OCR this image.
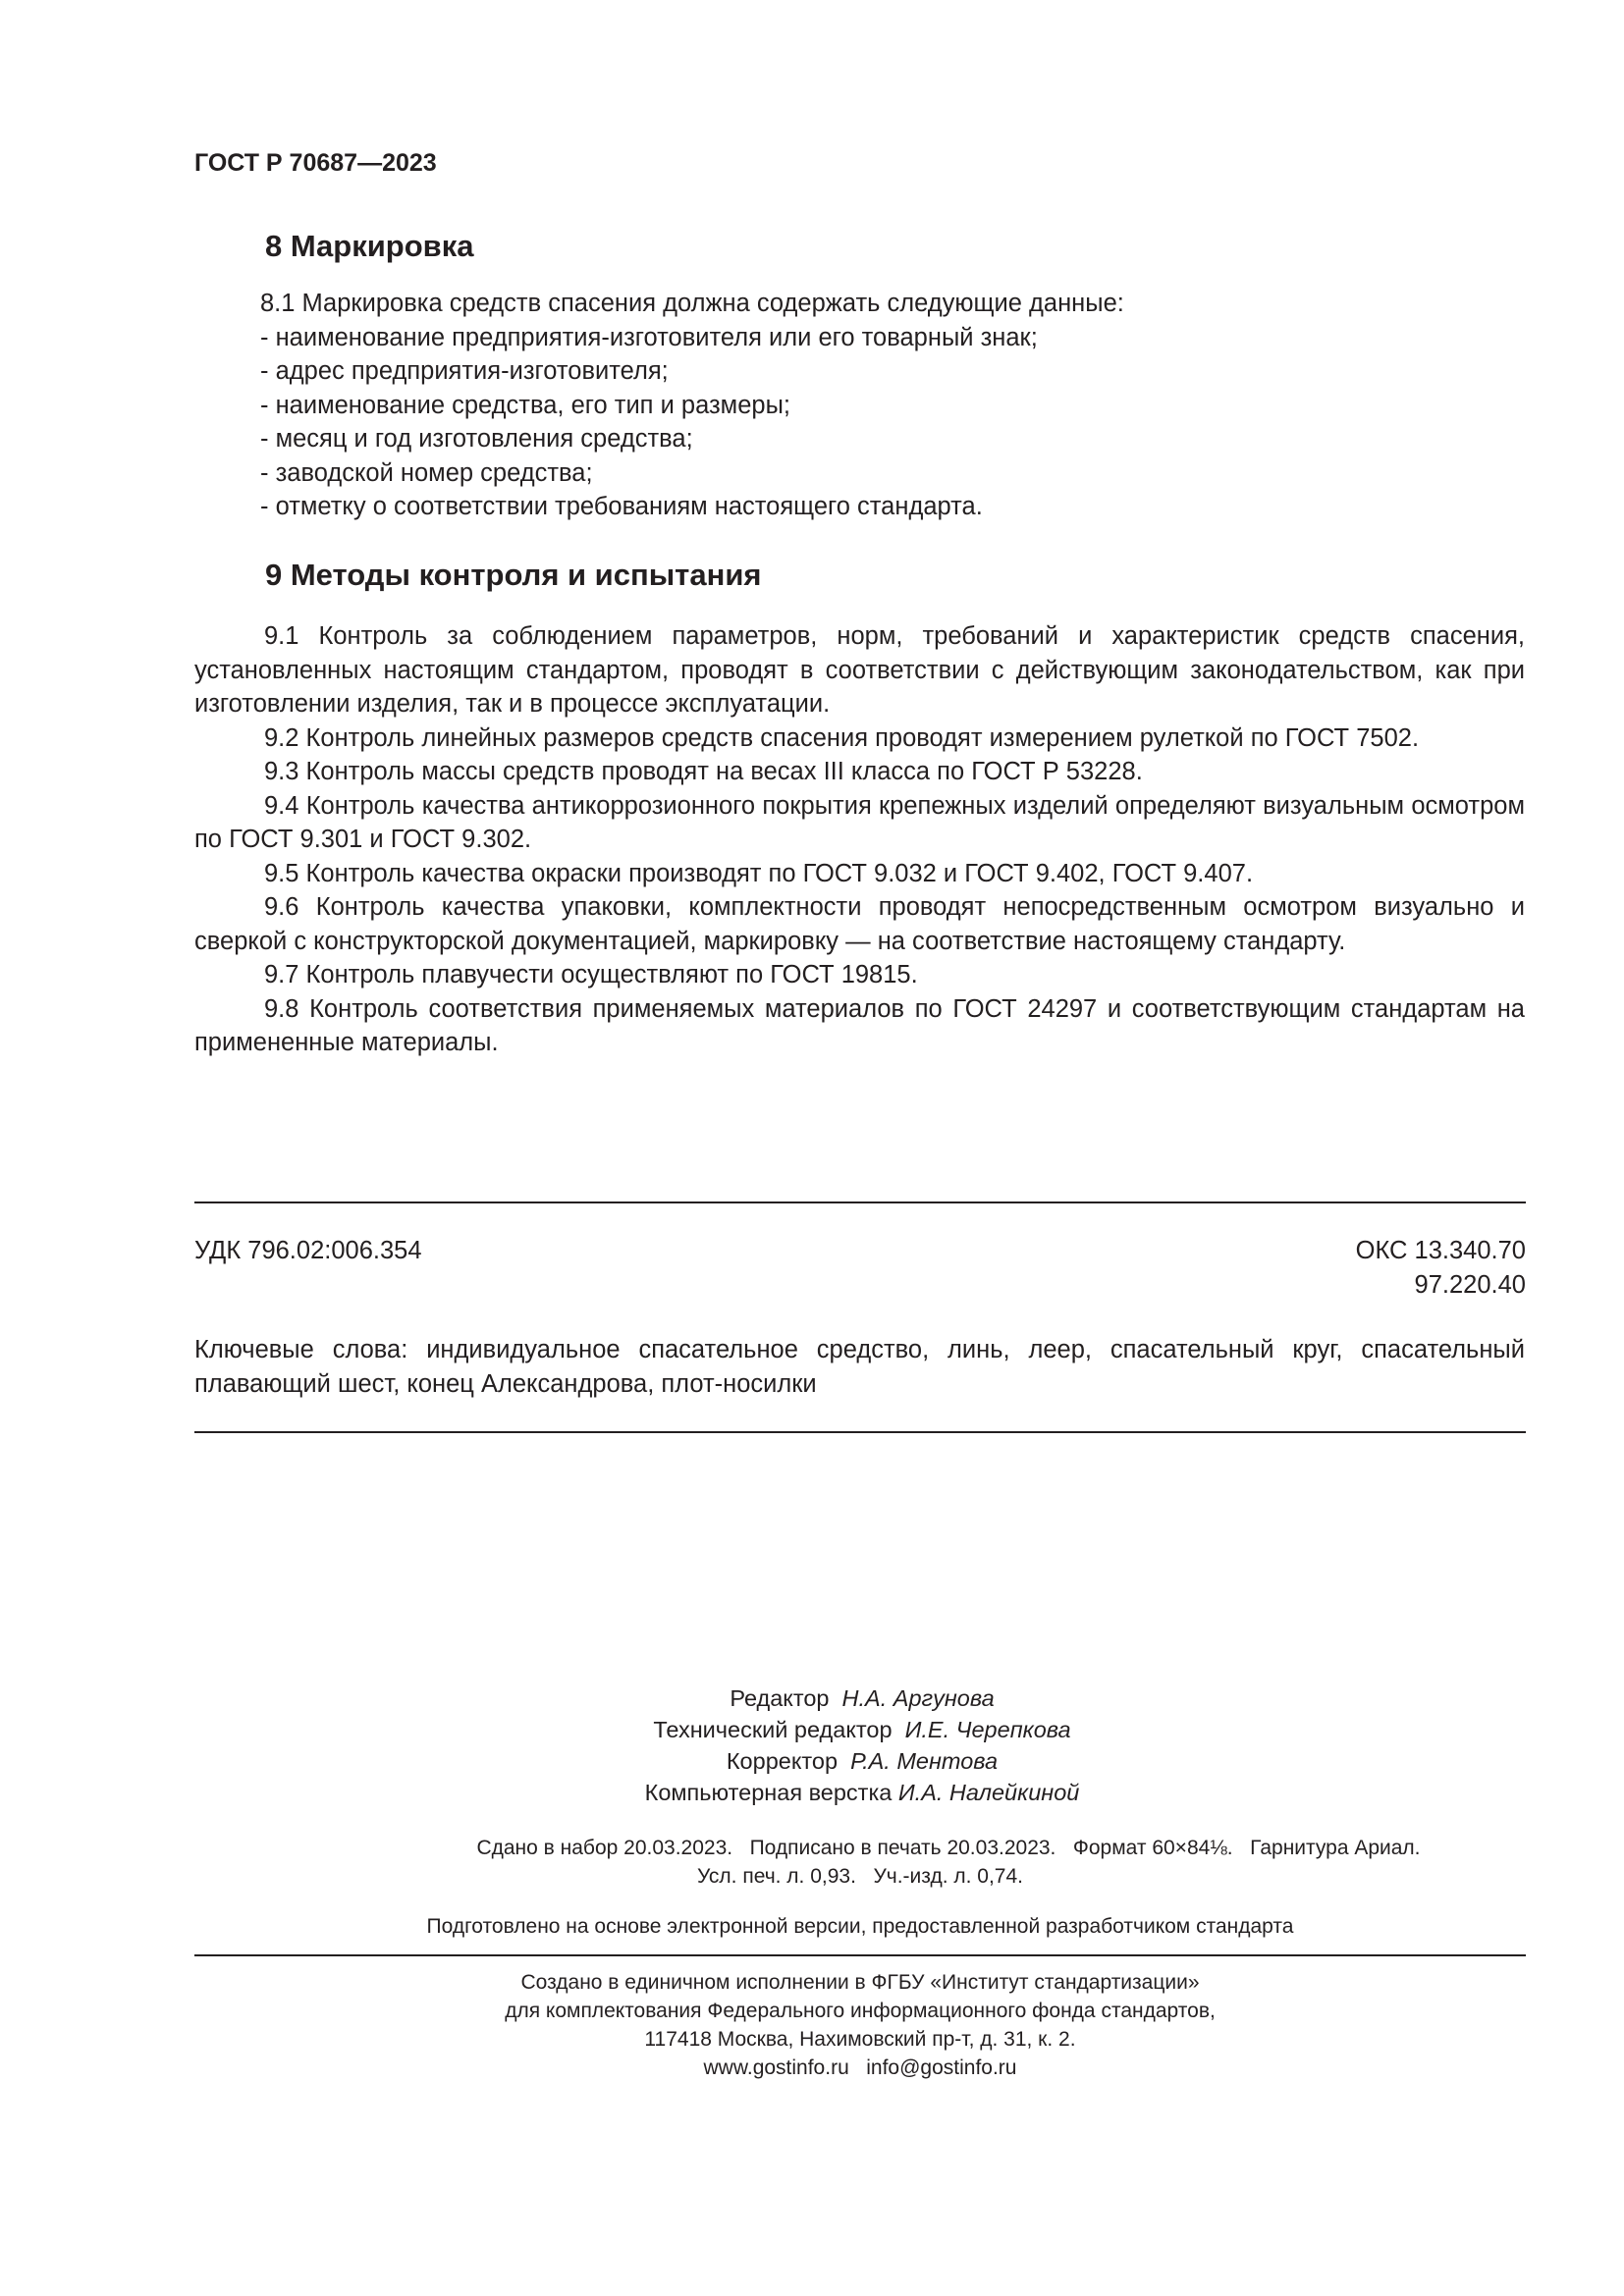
ГОСТ Р 70687—2023
8 Маркировка
8.1 Маркировка средств спасения должна содержать следующие данные:
- наименование предприятия-изготовителя или его товарный знак;
- адрес предприятия-изготовителя;
- наименование средства, его тип и размеры;
- месяц и год изготовления средства;
- заводской номер средства;
- отметку о соответствии требованиям настоящего стандарта.
9 Методы контроля и испытания
9.1 Контроль за соблюдением параметров, норм, требований и характеристик средств спасения, установленных настоящим стандартом, проводят в соответствии с действующим законодательством, как при изготовлении изделия, так и в процессе эксплуатации.
9.2 Контроль линейных размеров средств спасения проводят измерением рулеткой по ГОСТ 7502.
9.3 Контроль массы средств проводят на весах III класса по ГОСТ Р 53228.
9.4 Контроль качества антикоррозионного покрытия крепежных изделий определяют визуальным осмотром по ГОСТ 9.301 и ГОСТ 9.302.
9.5 Контроль качества окраски производят по ГОСТ 9.032 и ГОСТ 9.402, ГОСТ 9.407.
9.6 Контроль качества упаковки, комплектности проводят непосредственным осмотром визуально и сверкой с конструкторской документацией, маркировку — на соответствие настоящему стандарту.
9.7 Контроль плавучести осуществляют по ГОСТ 19815.
9.8 Контроль соответствия применяемых материалов по ГОСТ 24297 и соответствующим стандартам на примененные материалы.
УДК 796.02:006.354	ОКС 13.340.70
97.220.40
Ключевые слова: индивидуальное спасательное средство, линь, леер, спасательный круг, спасательный плавающий шест, конец Александрова, плот-носилки
Редактор Н.А. Аргунова
Технический редактор И.Е. Черепкова
Корректор Р.А. Ментова
Компьютерная верстка И.А. Налейкиной
Сдано в набор 20.03.2023.   Подписано в печать 20.03.2023.   Формат 60×84⅛.   Гарнитура Ариал.
Усл. печ. л. 0,93.   Уч.-изд. л. 0,74.
Подготовлено на основе электронной версии, предоставленной разработчиком стандарта
Создано в единичном исполнении в ФГБУ «Институт стандартизации»
для комплектования Федерального информационного фонда стандартов,
117418 Москва, Нахимовский пр-т, д. 31, к. 2.
www.gostinfo.ru   info@gostinfo.ru
